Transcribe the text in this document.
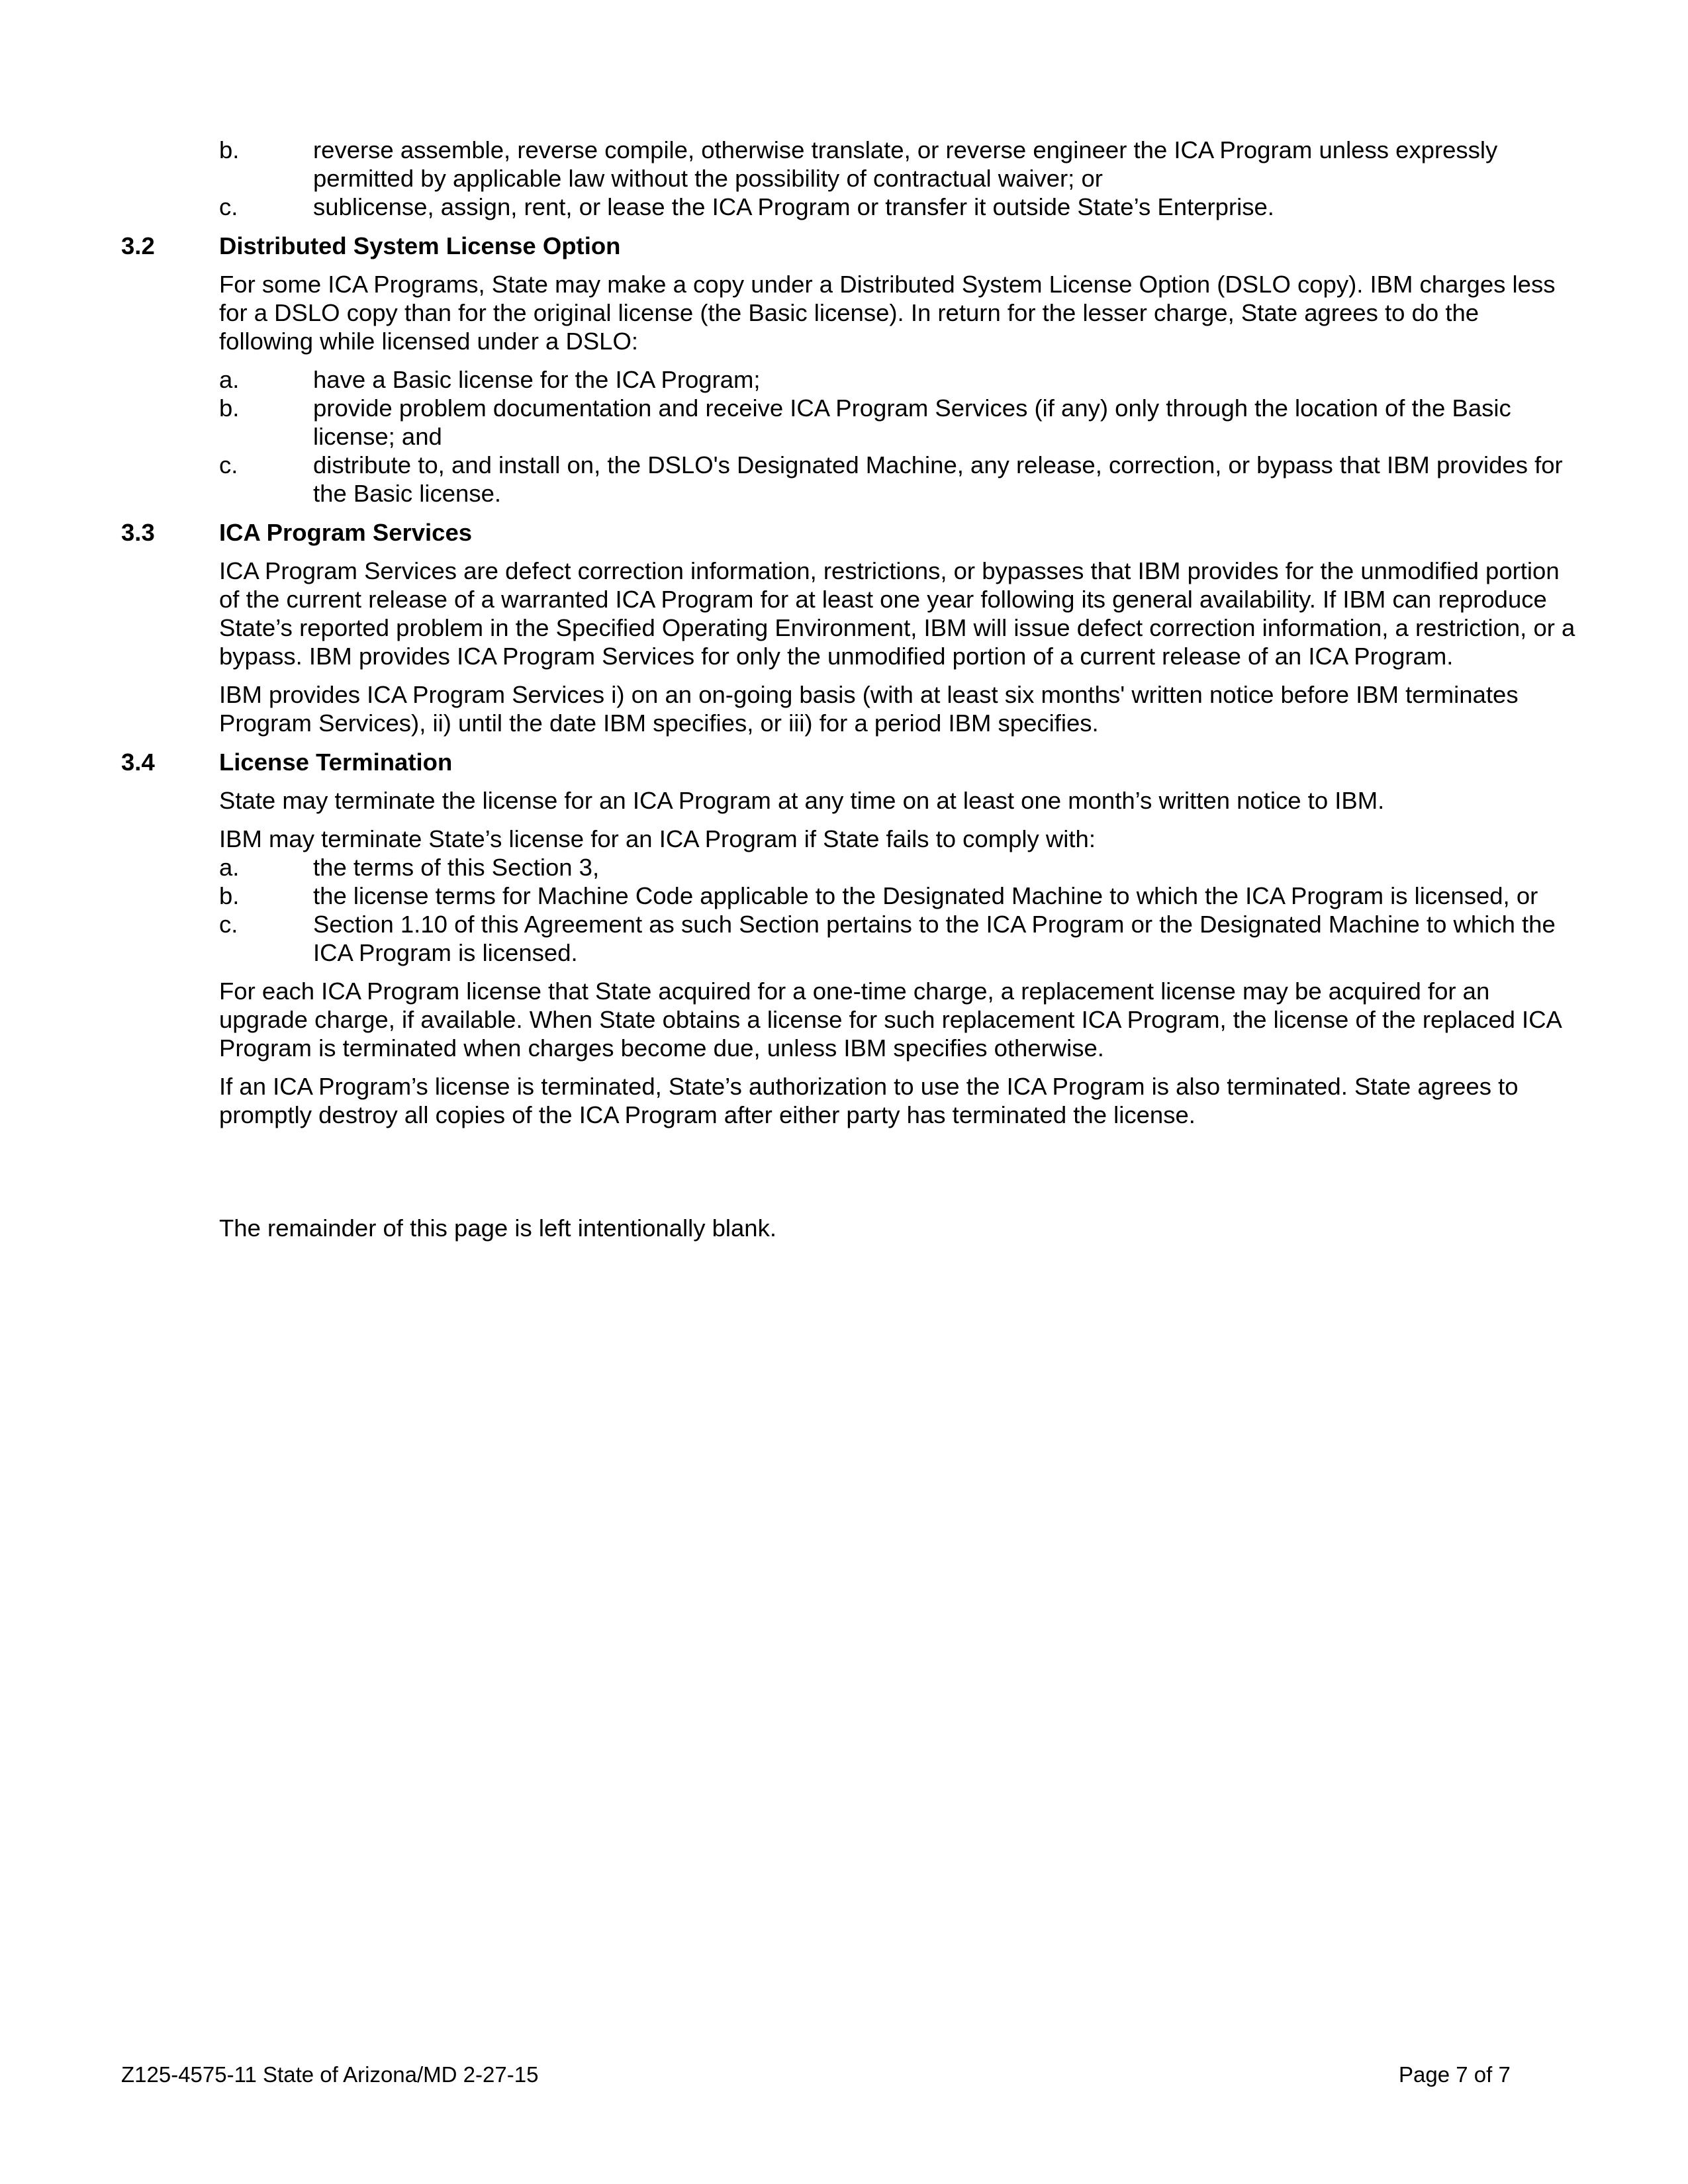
b.	reverse assemble, reverse compile, otherwise translate, or reverse engineer the ICA Program unless expressly permitted by applicable law without the possibility of contractual waiver; or
c.	sublicense, assign, rent, or lease the ICA Program or transfer it outside State’s Enterprise.
3.2	Distributed System License Option
For some ICA Programs, State may make a copy under a Distributed System License Option (DSLO copy). IBM charges less for a DSLO copy than for the original license (the Basic license). In return for the lesser charge, State agrees to do the following while licensed under a DSLO:
a.	have a Basic license for the ICA Program;
b.	provide problem documentation and receive ICA Program Services (if any) only through the location of the Basic license; and
c.	distribute to, and install on, the DSLO's Designated Machine, any release, correction, or bypass that IBM provides for the Basic license.
3.3	ICA Program Services
ICA Program Services are defect correction information, restrictions, or bypasses that IBM provides for the unmodified portion of the current release of a warranted ICA Program for at least one year following its general availability. If IBM can reproduce State’s reported problem in the Specified Operating Environment, IBM will issue defect correction information, a restriction, or a bypass. IBM provides ICA Program Services for only the unmodified portion of a current release of an ICA Program.
IBM provides ICA Program Services i) on an on-going basis (with at least six months' written notice before IBM terminates Program Services), ii) until the date IBM specifies, or iii) for a period IBM specifies.
3.4	License Termination
State may terminate the license for an ICA Program at any time on at least one month’s written notice to IBM.
IBM may terminate State’s license for an ICA Program if State fails to comply with:
a.	the terms of this Section 3,
b.	the license terms for Machine Code applicable to the Designated Machine to which the ICA Program is licensed, or
c.	Section 1.10 of this Agreement as such Section pertains to the ICA Program or the Designated Machine to which the ICA Program is licensed.
For each ICA Program license that State acquired for a one-time charge, a replacement license may be acquired for an upgrade charge, if available. When State obtains a license for such replacement ICA Program, the license of the replaced ICA Program is terminated when charges become due, unless IBM specifies otherwise.
If an ICA Program’s license is terminated, State’s authorization to use the ICA Program is also terminated. State agrees to promptly destroy all copies of the ICA Program after either party has terminated the license.
The remainder of this page is left intentionally blank.
Z125-4575-11 State of Arizona/MD 2-27-15	Page 7 of 7
